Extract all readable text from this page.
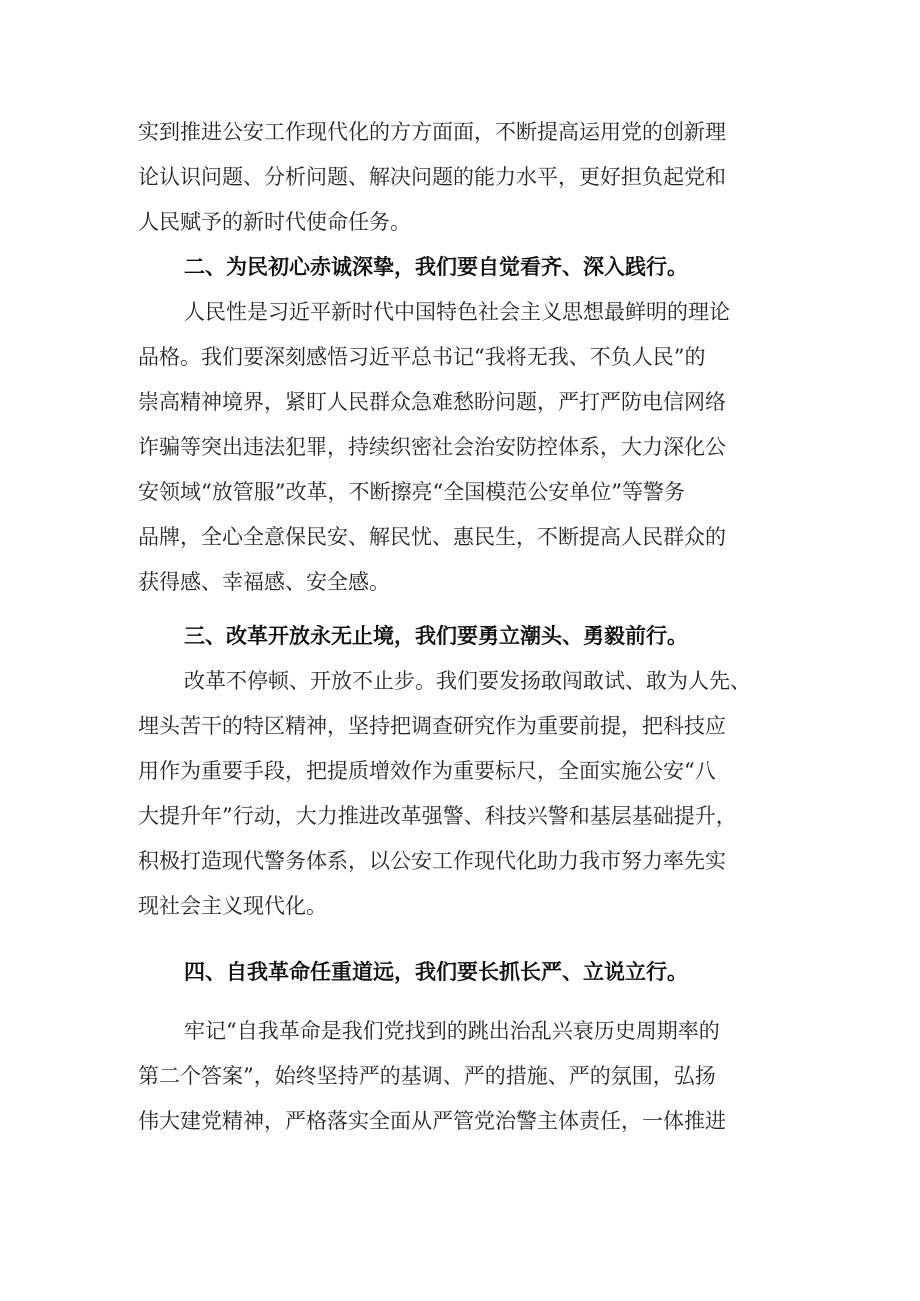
实到推进公安工作现代化的方方面面，不断提高运用党的创新理
论认识问题、分析问题、解决问题的能力水平，更好担负起党和
人民赋予的新时代使命任务。
二、为民初心赤诚深挚，我们要自觉看齐、深入践行。
人民性是习近平新时代中国特色社会主义思想最鲜明的理论
品格。我们要深刻感悟习近平总书记“我将无我、不负人民”的
崇高精神境界，紧盯人民群众急难愁盼问题，严打严防电信网络
诈骗等突出违法犯罪，持续织密社会治安防控体系，大力深化公
安领域“放管服”改革，不断擦亮“全国模范公安单位”等警务
品牌，全心全意保民安、解民忧、惠民生，不断提高人民群众的
获得感、幸福感、安全感。
三、改革开放永无止境，我们要勇立潮头、勇毅前行。
改革不停顿、开放不止步。我们要发扬敢闯敢试、敢为人先、
埋头苦干的特区精神，坚持把调查研究作为重要前提，把科技应
用作为重要手段，把提质增效作为重要标尺，全面实施公安“八
大提升年”行动，大力推进改革强警、科技兴警和基层基础提升，
积极打造现代警务体系，以公安工作现代化助力我市努力率先实
现社会主义现代化。
四、自我革命任重道远，我们要长抓长严、立说立行。
牢记“自我革命是我们党找到的跳出治乱兴衰历史周期率的
第二个答案”，始终坚持严的基调、严的措施、严的氛围，弘扬
伟大建党精神，严格落实全面从严管党治警主体责任，一体推进
